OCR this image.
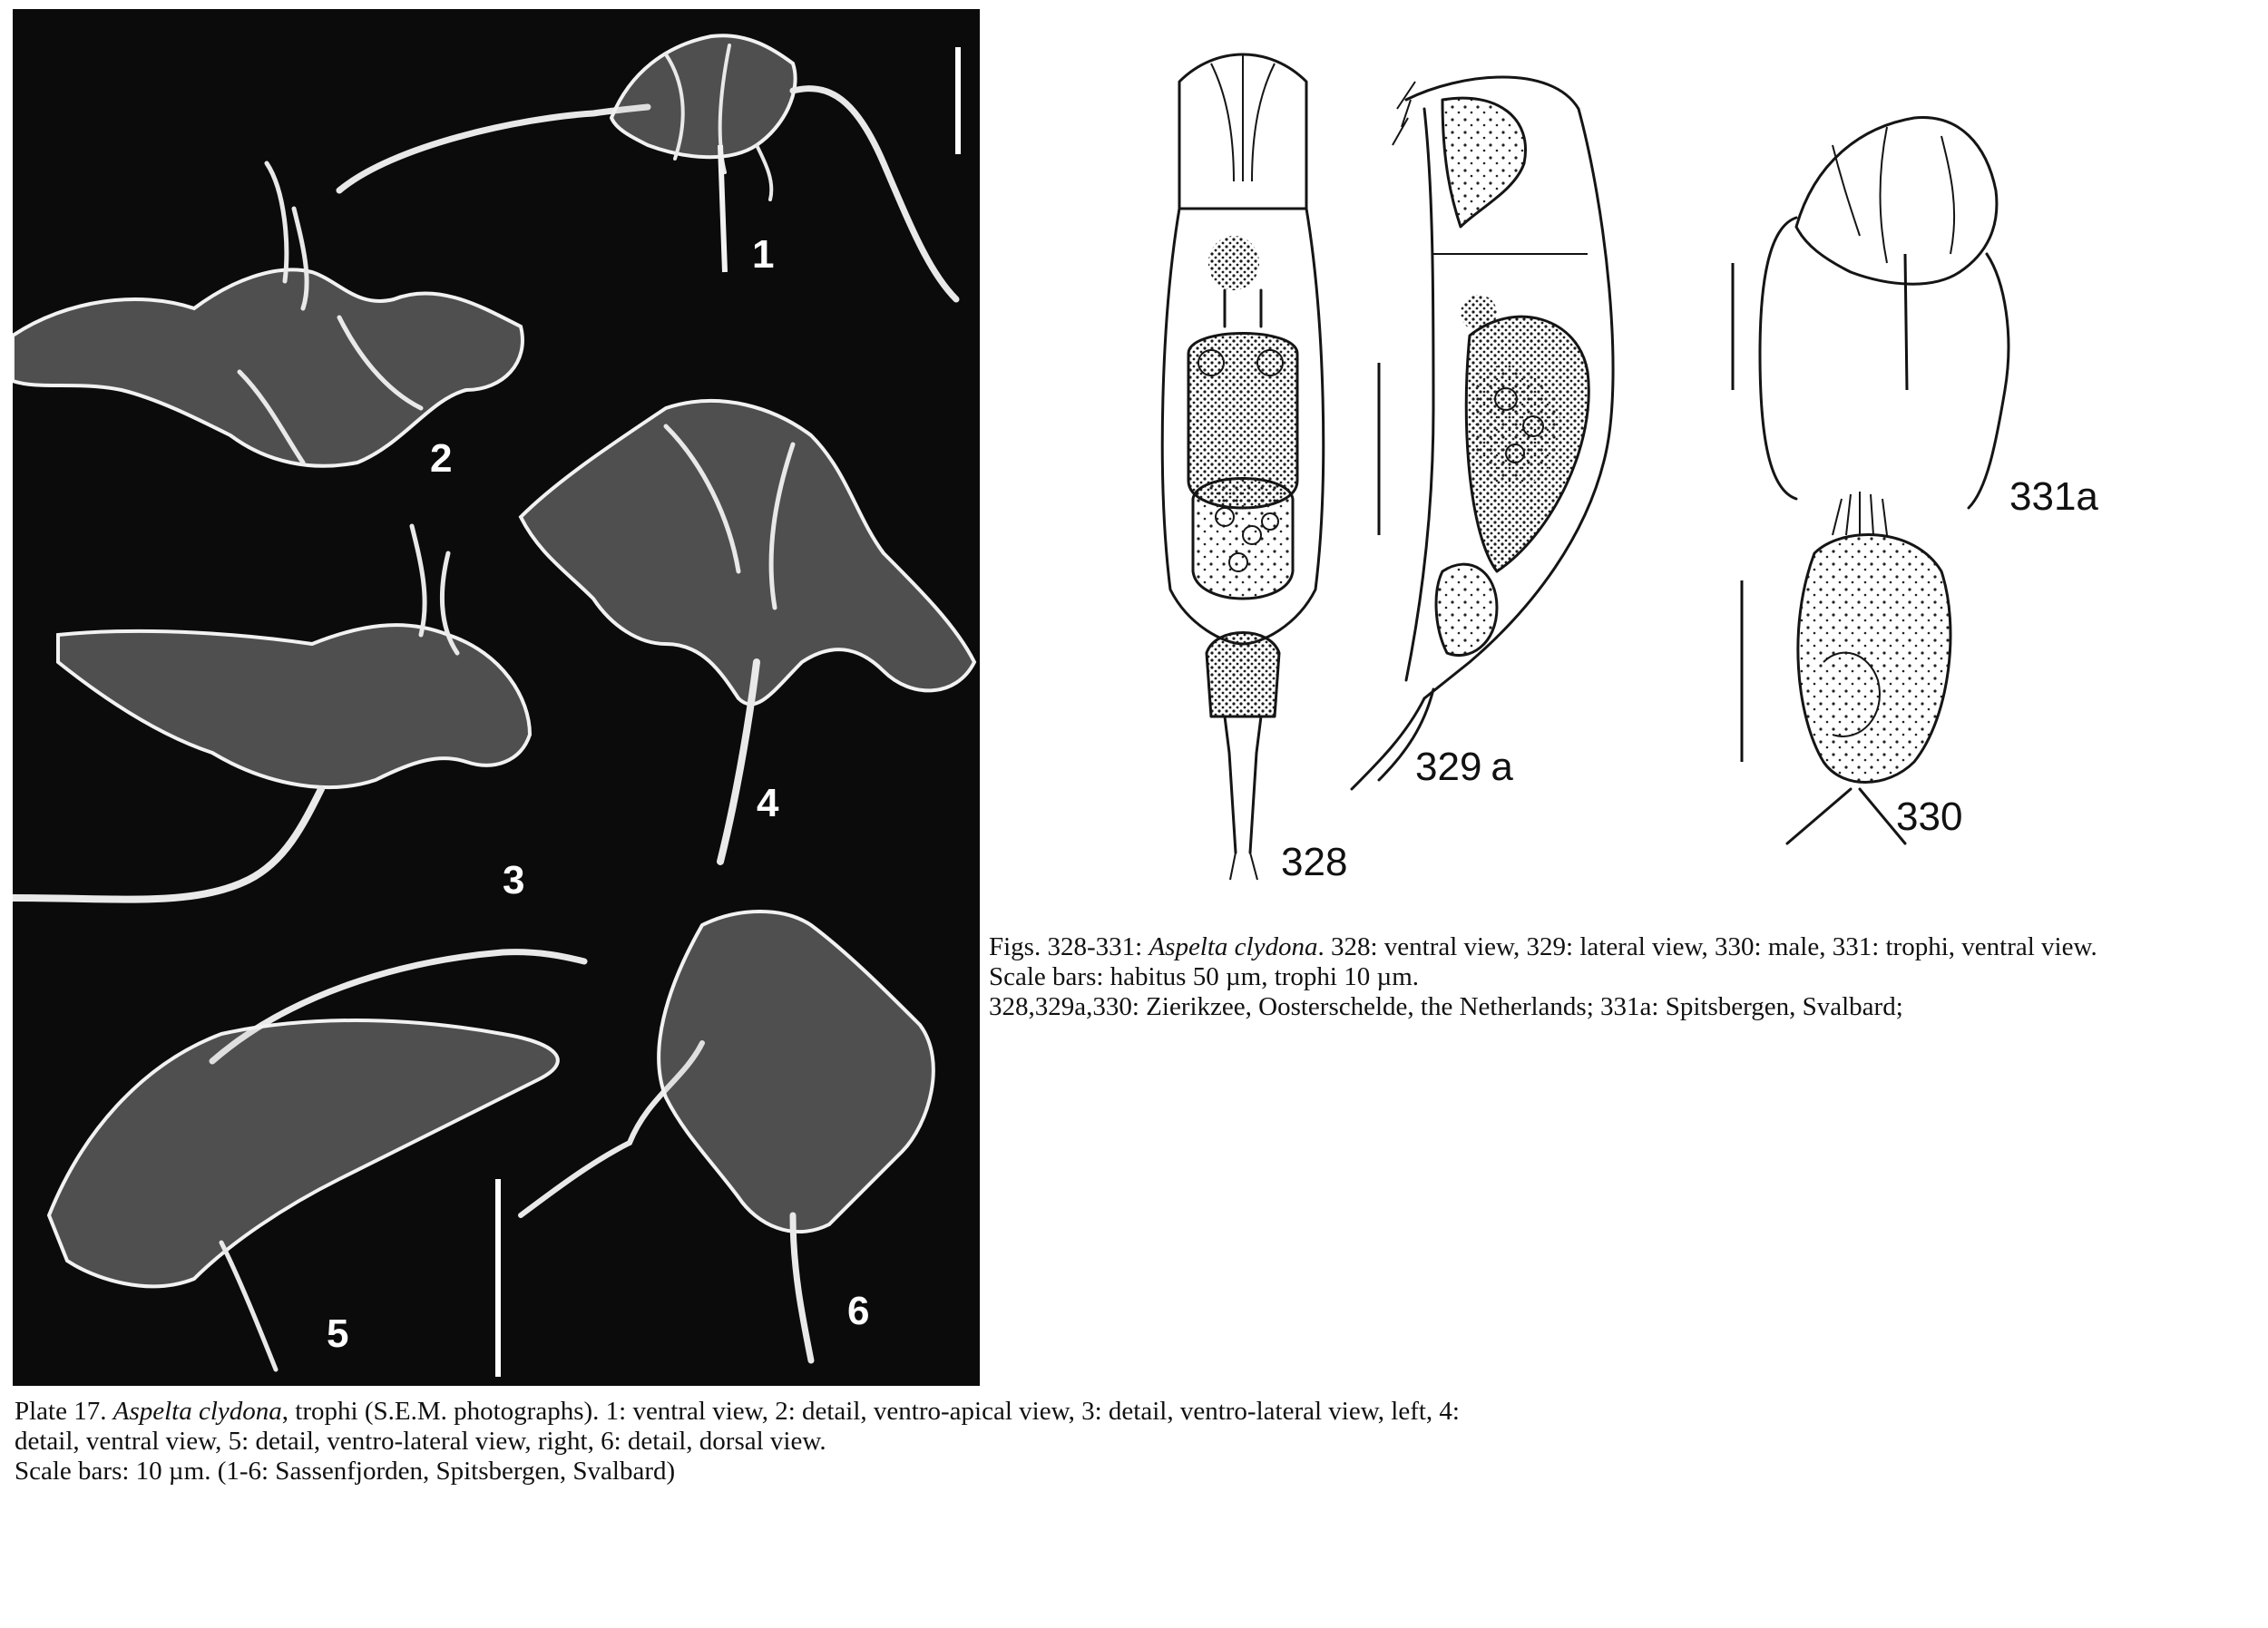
1
2
4
3
5
6
328
329 a
331a
330

Figs. 328-331: Aspelta clydona. 328: ventral view, 329: lateral view, 330: male, 331: trophi, ventral view.

Scale bars: habitus 50 µm, trophi 10 µm.

328,329a,330: Zierikzee, Oosterschelde, the Netherlands; 331a: Spitsbergen, Svalbard;

Plate 17. Aspelta clydona, trophi (S.E.M. photographs). 1: ventral view, 2: detail, ventro-apical view, 3: detail, ventro-lateral view, left, 4: detail, ventral view, 5: detail, ventro-lateral view, right, 6: detail, dorsal view.

Scale bars: 10 µm. (1-6: Sassenfjorden, Spitsbergen, Svalbard)
